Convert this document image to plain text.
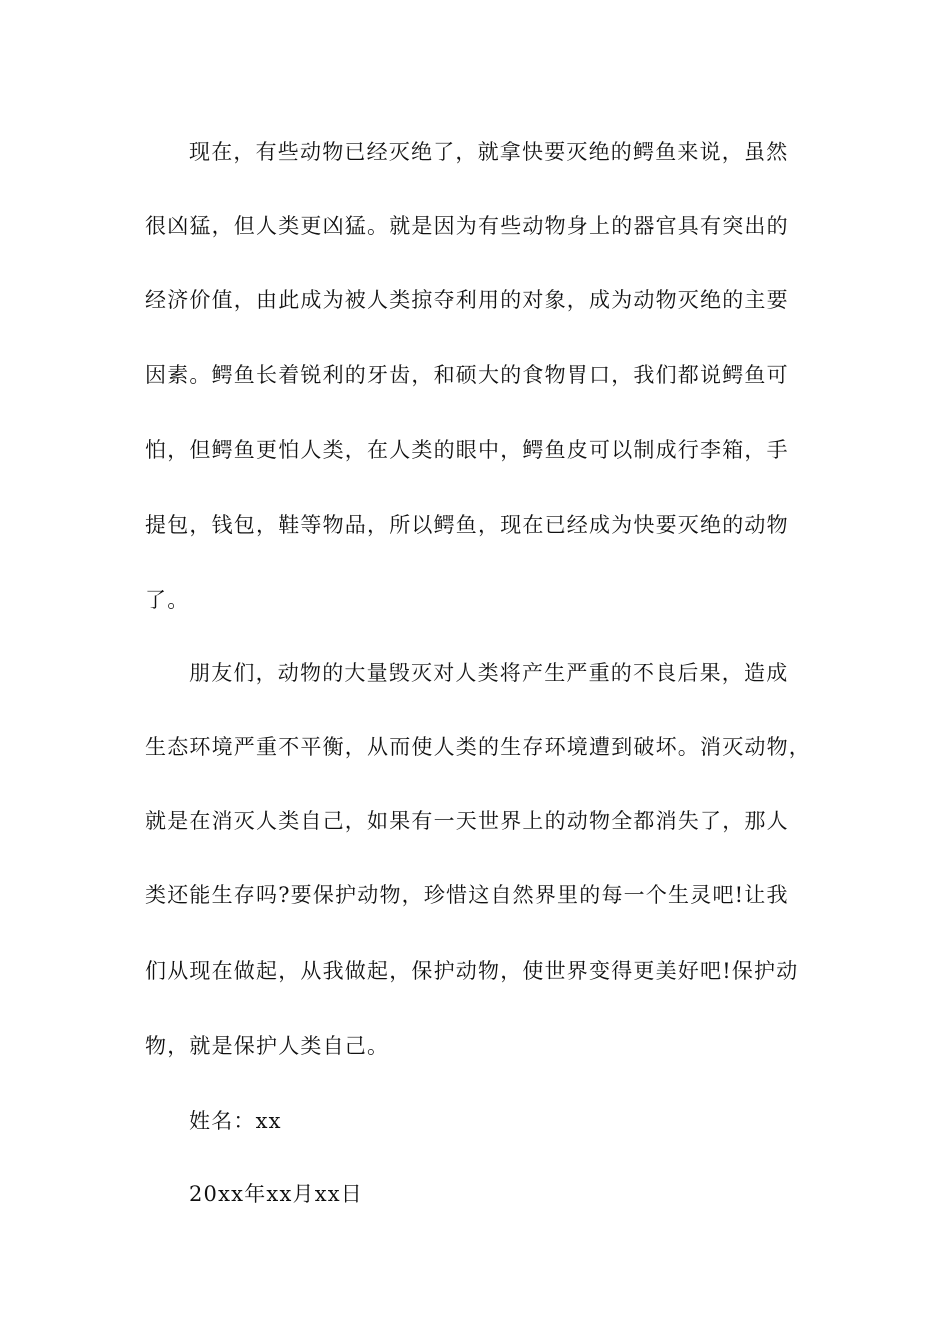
现在，有些动物已经灭绝了，就拿快要灭绝的鳄鱼来说，虽然
很凶猛，但人类更凶猛。就是因为有些动物身上的器官具有突出的
经济价值，由此成为被人类掠夺利用的对象，成为动物灭绝的主要
因素。鳄鱼长着锐利的牙齿，和硕大的食物胃口，我们都说鳄鱼可
怕，但鳄鱼更怕人类，在人类的眼中，鳄鱼皮可以制成行李箱，手
提包，钱包，鞋等物品，所以鳄鱼，现在已经成为快要灭绝的动物
了。
朋友们，动物的大量毁灭对人类将产生严重的不良后果，造成
生态环境严重不平衡，从而使人类的生存环境遭到破坏。消灭动物，
就是在消灭人类自己，如果有一天世界上的动物全都消失了，那人
类还能生存吗?要保护动物，珍惜这自然界里的每一个生灵吧!让我
们从现在做起，从我做起，保护动物，使世界变得更美好吧!保护动
物，就是保护人类自己。
姓名：xx
20xx年xx月xx日
